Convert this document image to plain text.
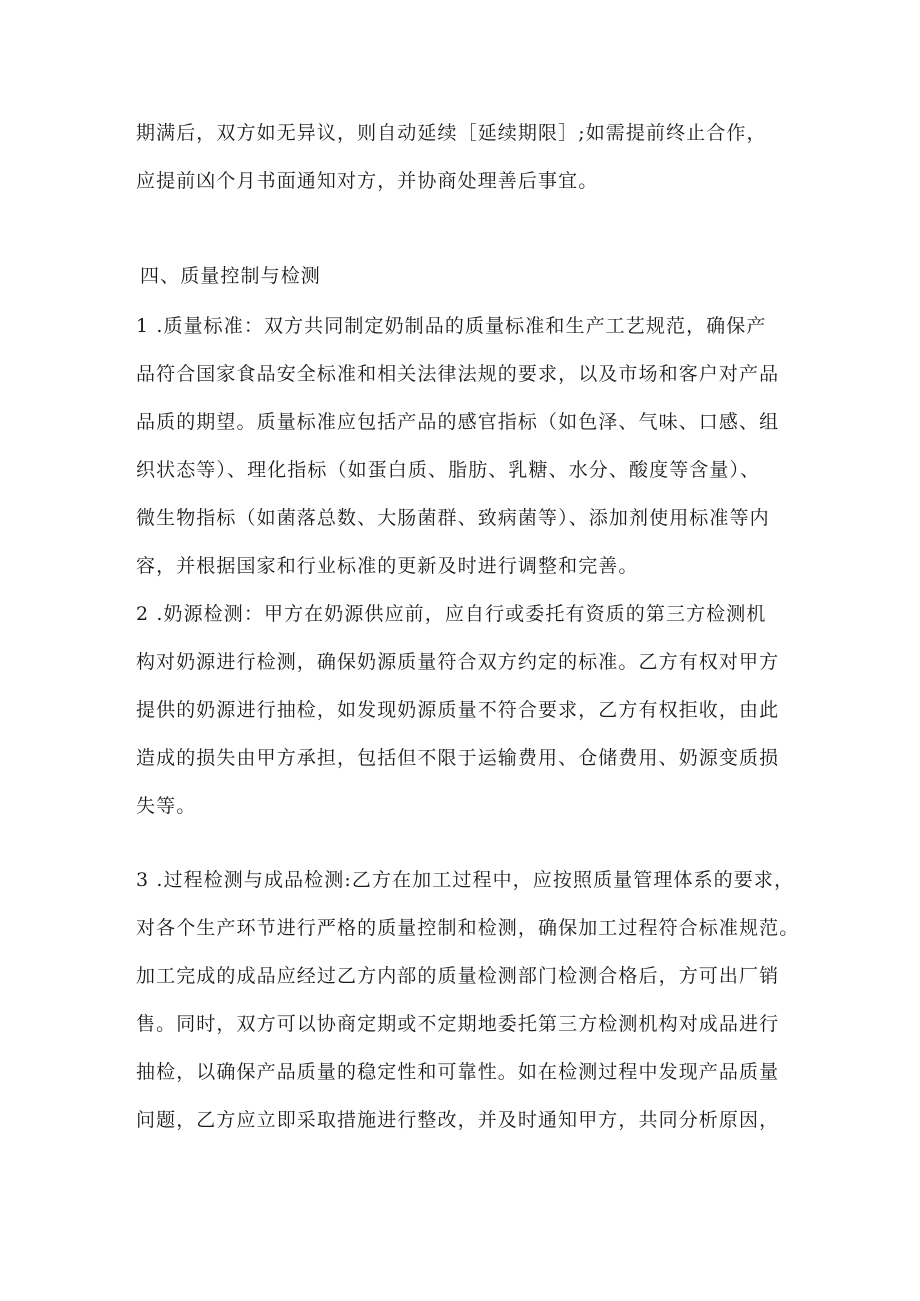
期满后，双方如无异议，则自动延续［延续期限］;如需提前终止合作，
应提前凶个月书面通知对方，并协商处理善后事宜。
四、质量控制与检测
1 .质量标准：双方共同制定奶制品的质量标准和生产工艺规范，确保产
品符合国家食品安全标准和相关法律法规的要求，以及市场和客户对产品
品质的期望。质量标准应包括产品的感官指标（如色泽、气味、口感、组
织状态等）、理化指标（如蛋白质、脂肪、乳糖、水分、酸度等含量）、
微生物指标（如菌落总数、大肠菌群、致病菌等）、添加剂使用标准等内
容，并根据国家和行业标准的更新及时进行调整和完善。
2 .奶源检测：甲方在奶源供应前，应自行或委托有资质的第三方检测机
构对奶源进行检测，确保奶源质量符合双方约定的标准。乙方有权对甲方
提供的奶源进行抽检，如发现奶源质量不符合要求，乙方有权拒收，由此
造成的损失由甲方承担，包括但不限于运输费用、仓储费用、奶源变质损
失等。
3 .过程检测与成品检测:乙方在加工过程中，应按照质量管理体系的要求，
对各个生产环节进行严格的质量控制和检测，确保加工过程符合标准规范。
加工完成的成品应经过乙方内部的质量检测部门检测合格后，方可出厂销
售。同时，双方可以协商定期或不定期地委托第三方检测机构对成品进行
抽检，以确保产品质量的稳定性和可靠性。如在检测过程中发现产品质量
问题，乙方应立即采取措施进行整改，并及时通知甲方，共同分析原因，
